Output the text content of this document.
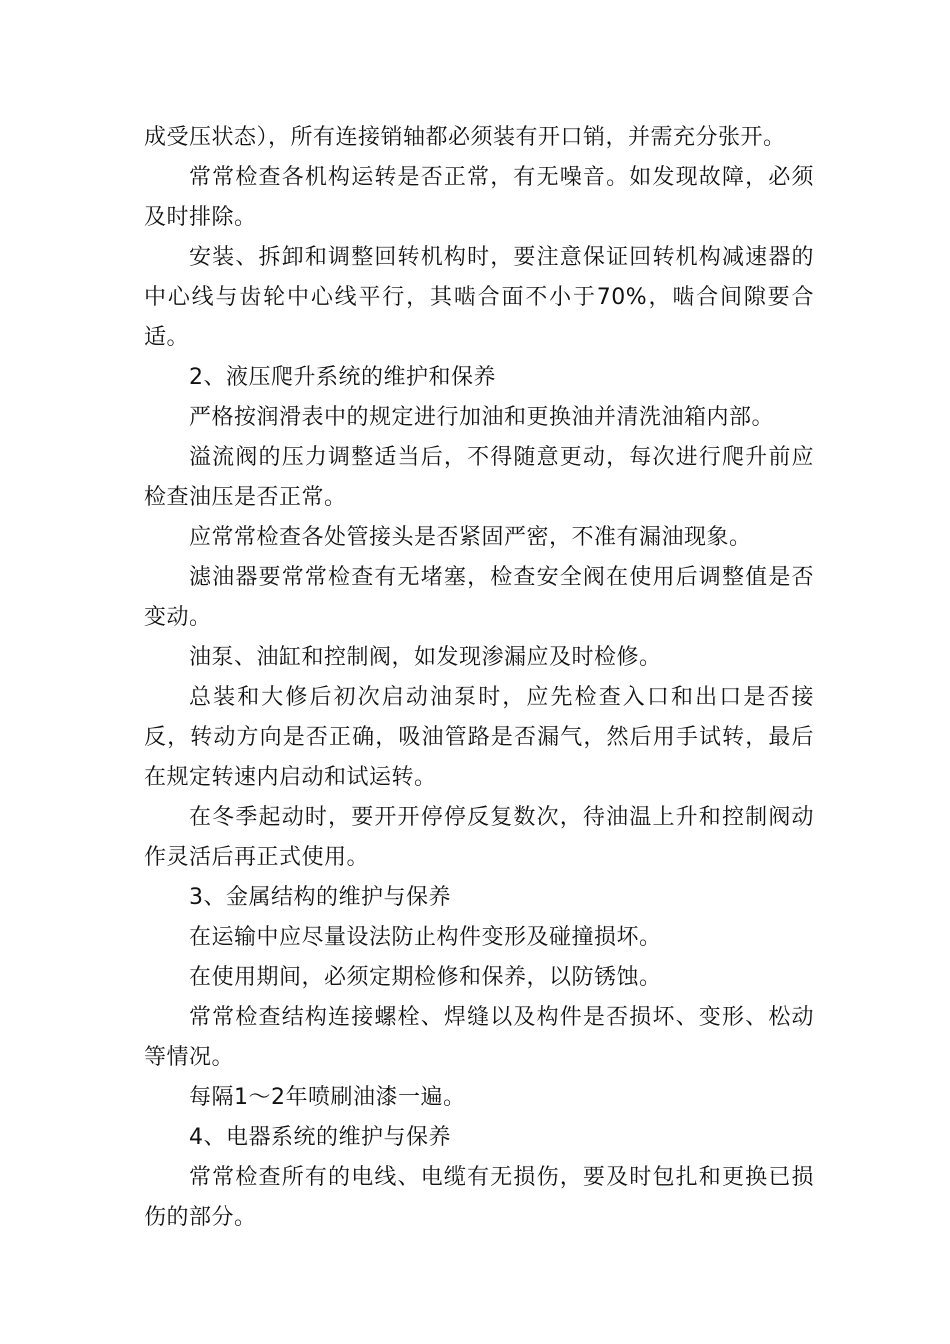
成受压状态），所有连接销轴都必须装有开口销，并需充分张开。

常常检查各机构运转是否正常，有无噪音。如发现故障，必须及时排除。

安装、拆卸和调整回转机构时，要注意保证回转机构减速器的中心线与齿轮中心线平行，其啮合面不小于70%，啮合间隙要合适。

2、液压爬升系统的维护和保养

严格按润滑表中的规定进行加油和更换油并清洗油箱内部。

溢流阀的压力调整适当后，不得随意更动，每次进行爬升前应检查油压是否正常。

应常常检查各处管接头是否紧固严密，不准有漏油现象。

滤油器要常常检查有无堵塞，检查安全阀在使用后调整值是否变动。

油泵、油缸和控制阀，如发现渗漏应及时检修。

总装和大修后初次启动油泵时，应先检查入口和出口是否接反，转动方向是否正确，吸油管路是否漏气，然后用手试转，最后在规定转速内启动和试运转。

在冬季起动时，要开开停停反复数次，待油温上升和控制阀动作灵活后再正式使用。

3、金属结构的维护与保养

在运输中应尽量设法防止构件变形及碰撞损坏。

在使用期间，必须定期检修和保养，以防锈蚀。

常常检查结构连接螺栓、焊缝以及构件是否损坏、变形、松动等情况。

每隔1～2年喷刷油漆一遍。

4、电器系统的维护与保养

常常检查所有的电线、电缆有无损伤，要及时包扎和更换已损伤的部分。
